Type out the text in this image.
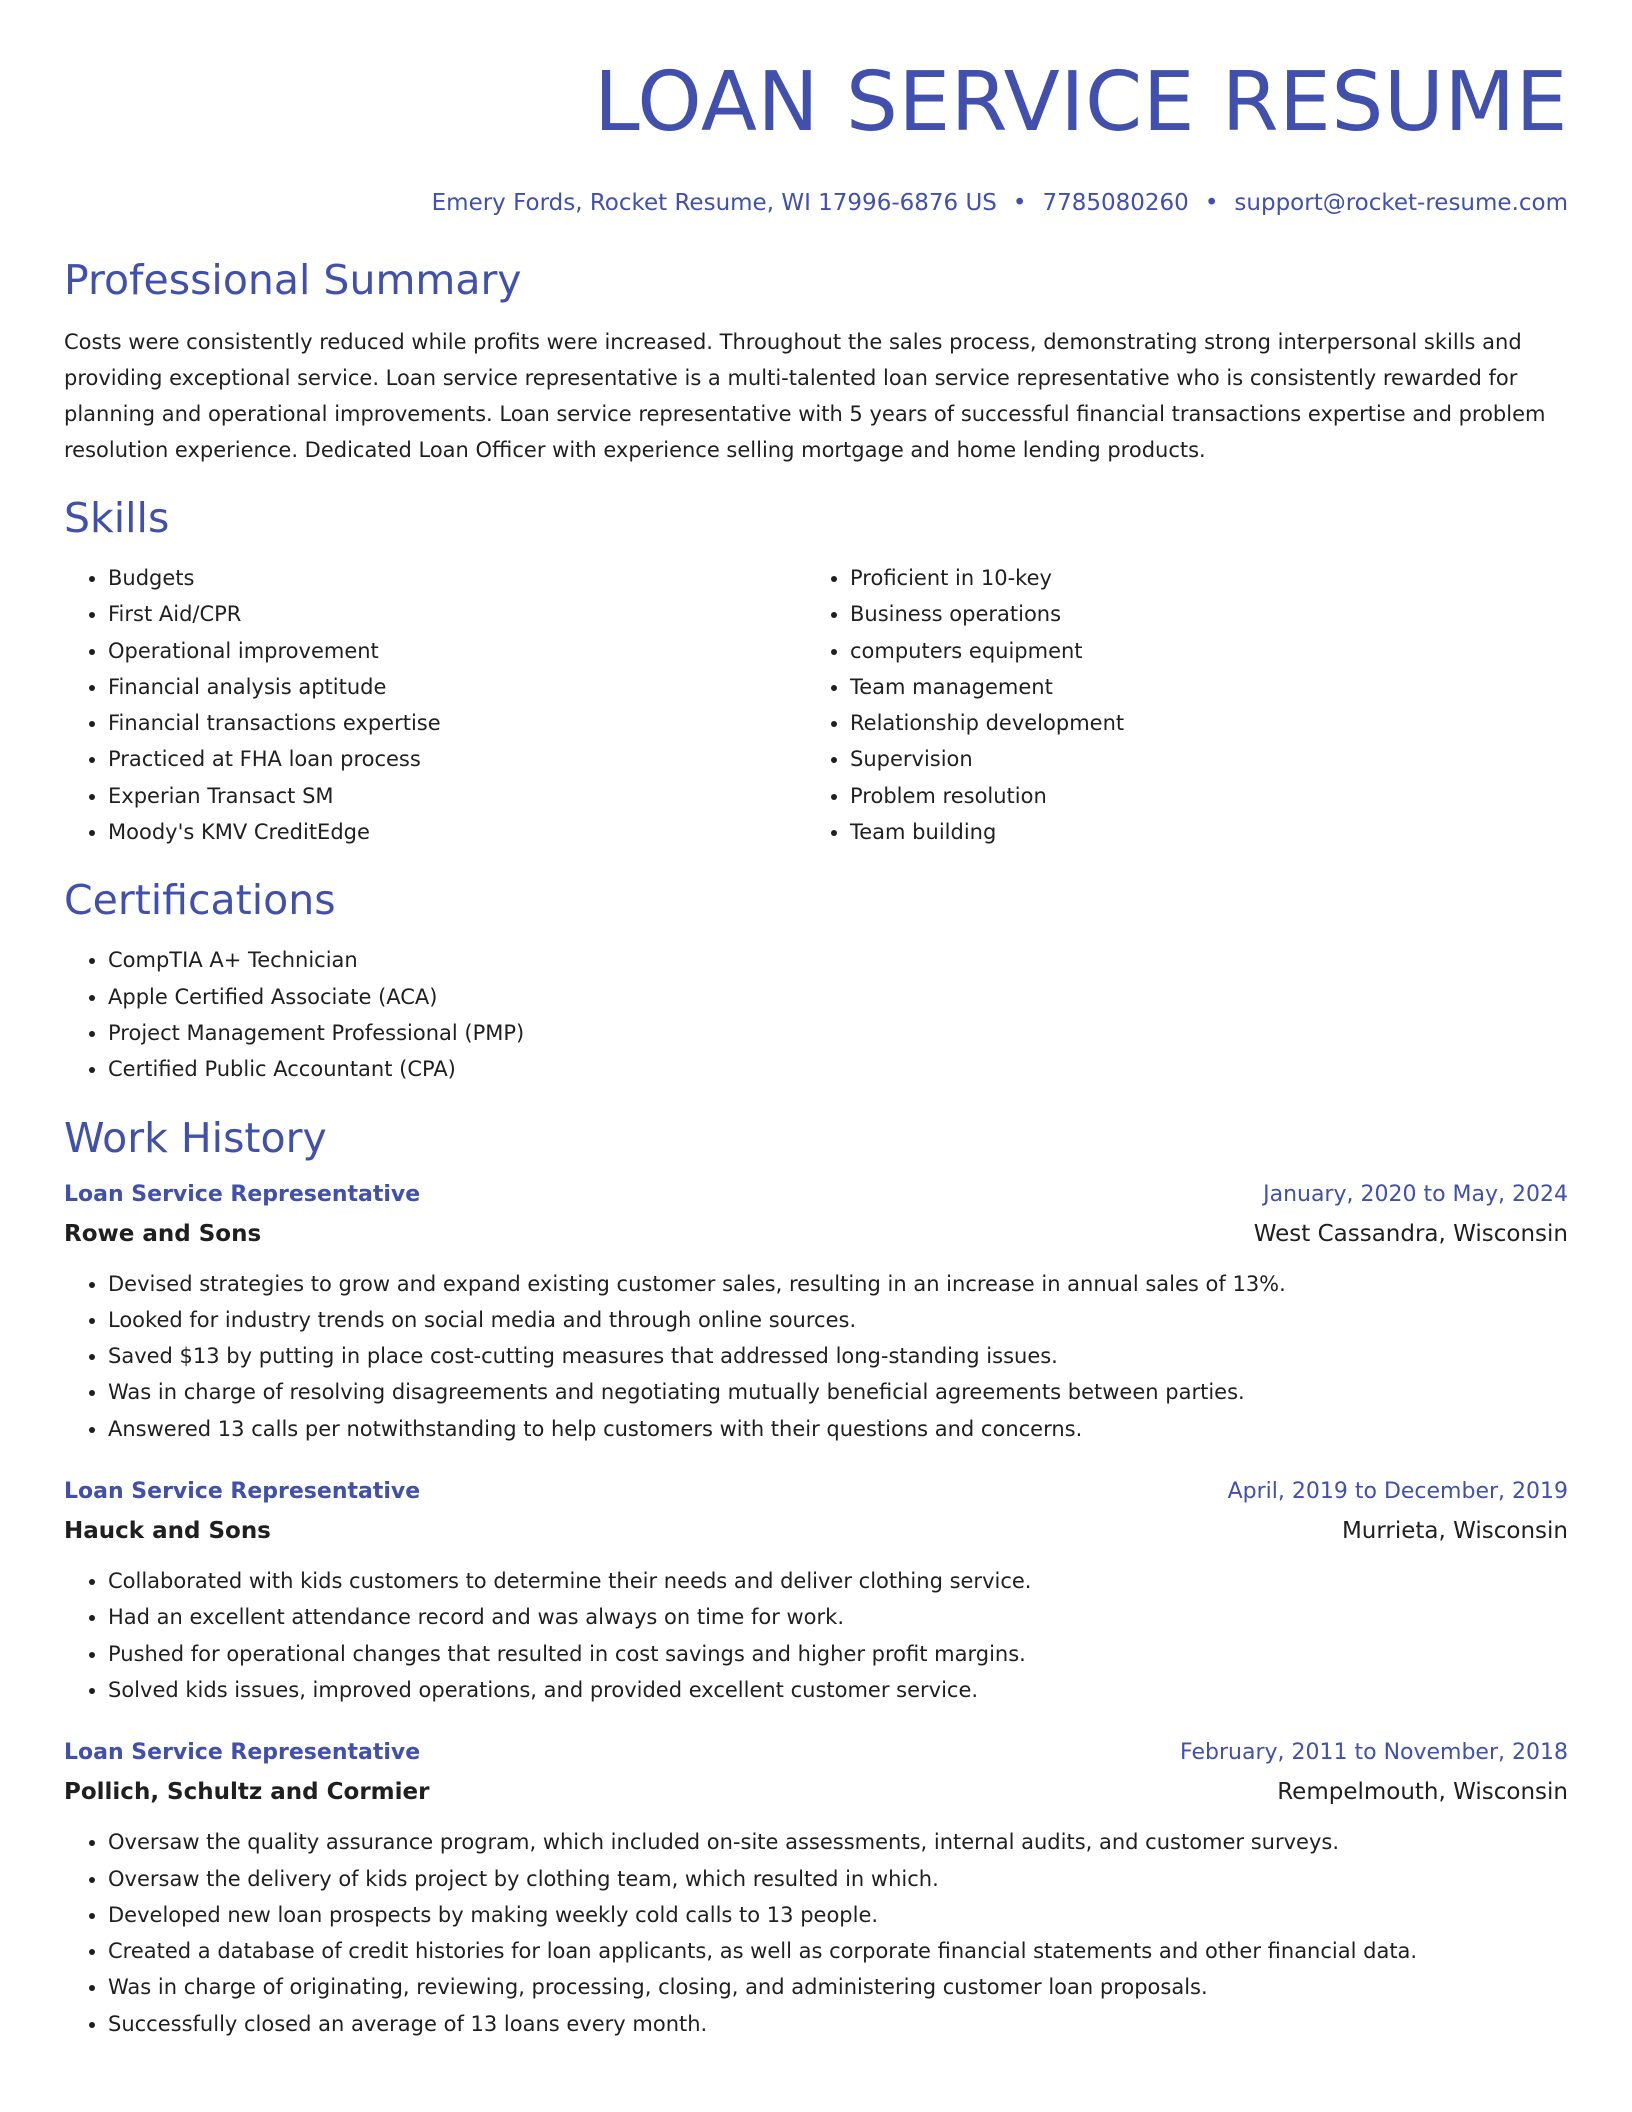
LOAN SERVICE RESUME
Emery Fords, Rocket Resume, WI 17996-6876 US • 7785080260 • support@rocket-resume.com
Professional Summary

Costs were consistently reduced while profits were increased. Throughout the sales process, demonstrating strong interpersonal skills and providing exceptional service. Loan service representative is a multi-talented loan service representative who is consistently rewarded for planning and operational improvements. Loan service representative with 5 years of successful financial transactions expertise and problem resolution experience. Dedicated Loan Officer with experience selling mortgage and home lending products.

Skills
• Budgets
• First Aid/CPR
• Operational improvement
• Financial analysis aptitude
• Financial transactions expertise
• Practiced at FHA loan process
• Experian Transact SM
• Moody's KMV CreditEdge
• Proficient in 10-key
• Business operations
• computers equipment
• Team management
• Relationship development
• Supervision
• Problem resolution
• Team building
Certifications
• CompTIA A+ Technician
• Apple Certified Associate (ACA)
• Project Management Professional (PMP)
• Certified Public Accountant (CPA)
Work History
Loan Service Representative	January, 2020 to May, 2024
Rowe and Sons	West Cassandra, Wisconsin
• Devised strategies to grow and expand existing customer sales, resulting in an increase in annual sales of 13%.
• Looked for industry trends on social media and through online sources.
• Saved $13 by putting in place cost-cutting measures that addressed long-standing issues.
• Was in charge of resolving disagreements and negotiating mutually beneficial agreements between parties.
• Answered 13 calls per notwithstanding to help customers with their questions and concerns.
Loan Service Representative	April, 2019 to December, 2019
Hauck and Sons	Murrieta, Wisconsin
• Collaborated with kids customers to determine their needs and deliver clothing service.
• Had an excellent attendance record and was always on time for work.
• Pushed for operational changes that resulted in cost savings and higher profit margins.
• Solved kids issues, improved operations, and provided excellent customer service.
Loan Service Representative	February, 2011 to November, 2018
Pollich, Schultz and Cormier	Rempelmouth, Wisconsin
• Oversaw the quality assurance program, which included on-site assessments, internal audits, and customer surveys.
• Oversaw the delivery of kids project by clothing team, which resulted in which.
• Developed new loan prospects by making weekly cold calls to 13 people.
• Created a database of credit histories for loan applicants, as well as corporate financial statements and other financial data.
• Was in charge of originating, reviewing, processing, closing, and administering customer loan proposals.
• Successfully closed an average of 13 loans every month.
